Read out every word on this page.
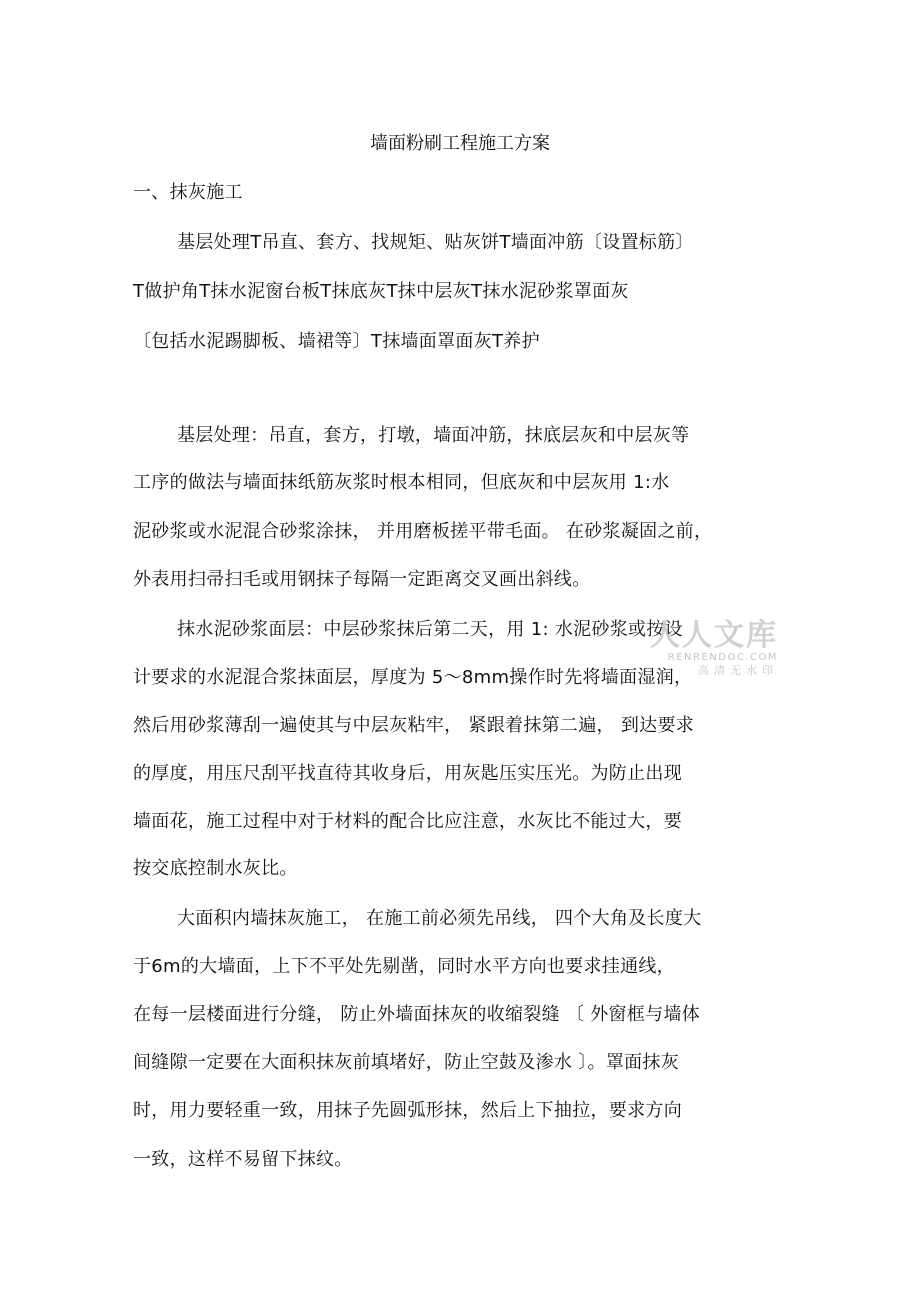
墙面粉刷工程施工方案
一、抹灰施工
基层处理T吊直、套方、找规矩、贴灰饼T墙面冲筋〔设置标筋〕
T做护角T抹水泥窗台板T抹底灰T抹中层灰T抹水泥砂浆罩面灰
〔包括水泥踢脚板、墙裙等〕T抹墙面罩面灰T养护
基层处理：吊直，套方，打墩，墙面冲筋，抹底层灰和中层灰等
工序的做法与墙面抹纸筋灰浆时根本相同，但底灰和中层灰用 1:水
泥砂浆或水泥混合砂浆涂抹， 并用磨板搓平带毛面。 在砂浆凝固之前，
外表用扫帚扫毛或用钢抹子每隔一定距离交叉画出斜线。
抹水泥砂浆面层：中层砂浆抹后第二天，用 1: 水泥砂浆或按设
计要求的水泥混合浆抹面层，厚度为 5～8mm操作时先将墙面湿润，
然后用砂浆薄刮一遍使其与中层灰粘牢， 紧跟着抹第二遍， 到达要求
的厚度，用压尺刮平找直待其收身后，用灰匙压实压光。为防止出现
墙面花，施工过程中对于材料的配合比应注意，水灰比不能过大，要
按交底控制水灰比。
大面积内墙抹灰施工， 在施工前必须先吊线， 四个大角及长度大
于6m的大墙面，上下不平处先剔凿，同时水平方向也要求挂通线，
在每一层楼面进行分缝， 防止外墙面抹灰的收缩裂缝 〔 外窗框与墙体
间缝隙一定要在大面积抹灰前填堵好，防止空鼓及渗水 〕。罩面抹灰
时，用力要轻重一致，用抹子先圆弧形抹，然后上下抽拉，要求方向
一致，这样不易留下抹纹。
人人文库
RENRENDOC.COM
高清无水印
